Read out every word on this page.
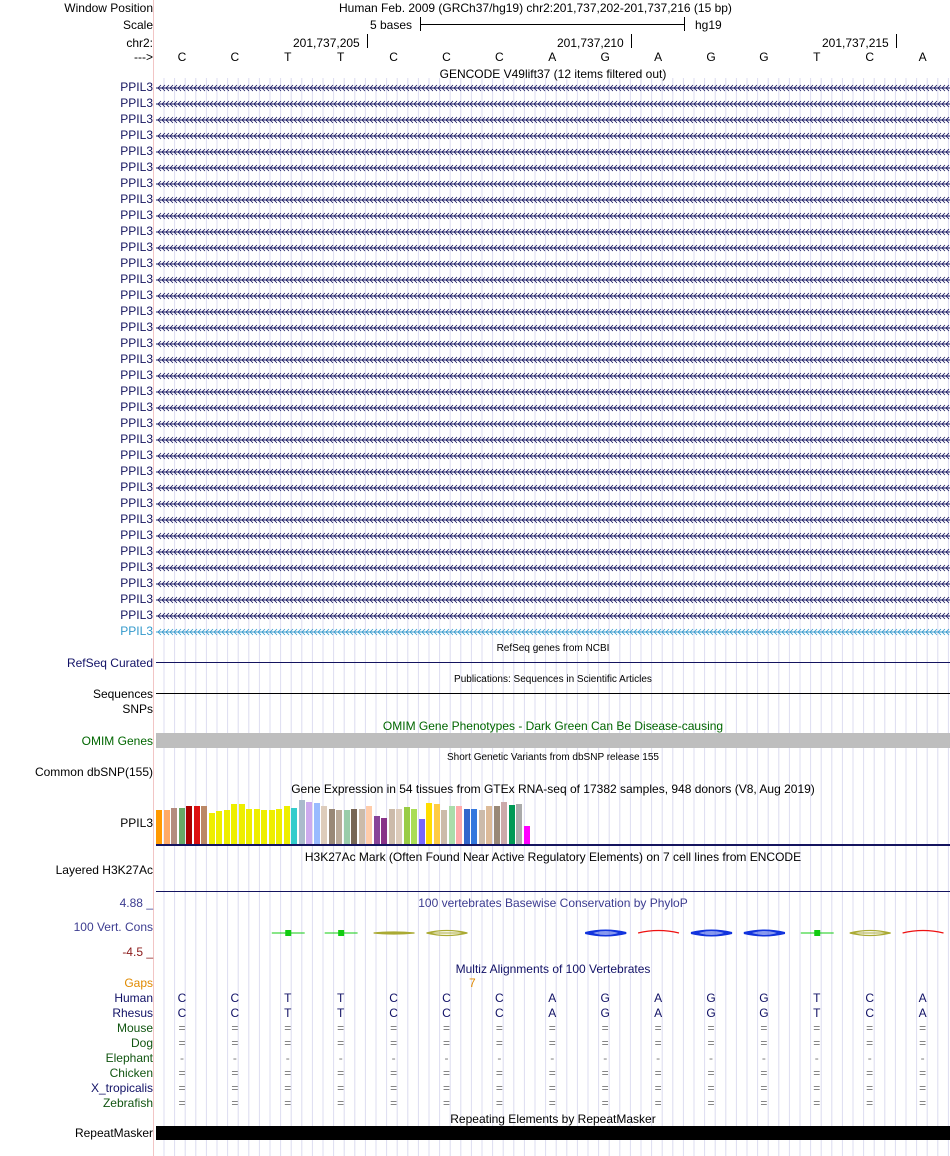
Window Position	Human Feb. 2009 (GRCh37/hg19) chr2:201,737,202-201,737,216 (15 bp)
Scale	5 bases	hg19
chr2:	201,737,205	201,737,210	201,737,215
--->	C	C	T	T	C	C	C	A	G	A	G	G	T	C	A
GENCODE V49lift37 (12 items filtered out)
PPIL3
PPIL3
PPIL3
PPIL3
PPIL3
PPIL3
PPIL3
PPIL3
PPIL3
PPIL3
PPIL3
PPIL3
PPIL3
PPIL3
PPIL3
PPIL3
PPIL3
PPIL3
PPIL3
PPIL3
PPIL3
PPIL3
PPIL3
PPIL3
PPIL3
PPIL3
PPIL3
PPIL3
PPIL3
PPIL3
PPIL3
PPIL3
PPIL3
PPIL3
PPIL3
RefSeq genes from NCBI
RefSeq Curated
Publications: Sequences in Scientific Articles
Sequences
SNPs
OMIM Gene Phenotypes - Dark Green Can Be Disease-causing
OMIM Genes
Short Genetic Variants from dbSNP release 155
Common dbSNP(155)
Gene Expression in 54 tissues from GTEx RNA-seq of 17382 samples, 948 donors (V8, Aug 2019)
PPIL3
H3K27Ac Mark (Often Found Near Active Regulatory Elements) on 7 cell lines from ENCODE
Layered H3K27Ac
100 vertebrates Basewise Conservation by PhyloP
4.88 _
100 Vert. Cons
-4.5 _
Multiz Alignments of 100 Vertebrates
Gaps	7
Human	C	C	T	T	C	C	C	A	G	A	G	G	T	C	A
Rhesus	C	C	T	T	C	C	C	A	G	A	G	G	T	C	A
Mouse	=	=	=	=	=	=	=	=	=	=	=	=	=	=	=
Dog	=	=	=	=	=	=	=	=	=	=	=	=	=	=	=
Elephant	-	-	-	-	-	-	-	-	-	-	-	-	-	-	-
Chicken	=	=	=	=	=	=	=	=	=	=	=	=	=	=	=
X_tropicalis	=	=	=	=	=	=	=	=	=	=	=	=	=	=	=
Zebrafish	=	=	=	=	=	=	=	=	=	=	=	=	=	=	=
Repeating Elements by RepeatMasker
RepeatMasker
